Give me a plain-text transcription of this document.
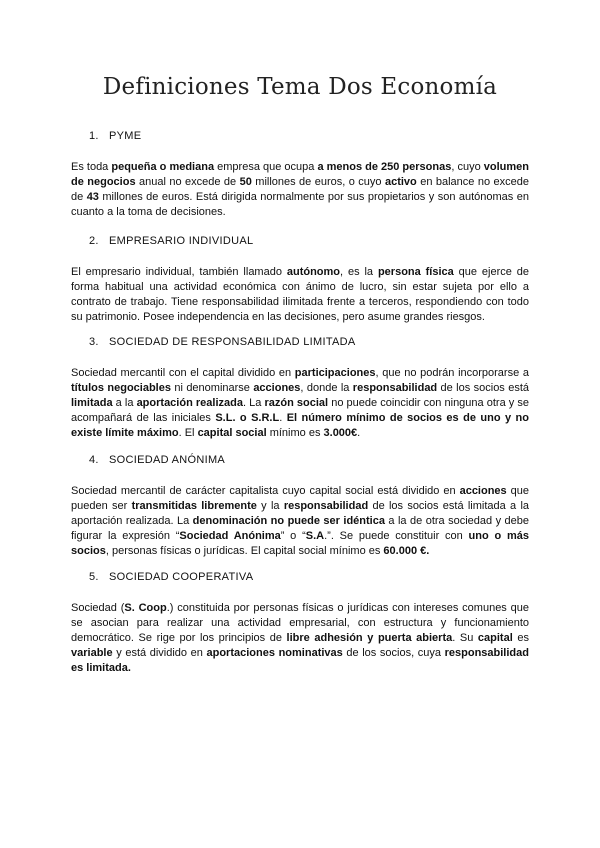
Definiciones Tema Dos Economía
1. PYME
Es toda pequeña o mediana empresa que ocupa a menos de 250 personas, cuyo volumen de negocios anual no excede de 50 millones de euros, o cuyo activo en balance no excede de 43 millones de euros. Está dirigida normalmente por sus propietarios y son autónomas en cuanto a la toma de decisiones.
2. EMPRESARIO INDIVIDUAL
El empresario individual, también llamado autónomo, es la persona física que ejerce de forma habitual una actividad económica con ánimo de lucro, sin estar sujeta por ello a contrato de trabajo. Tiene responsabilidad ilimitada frente a terceros, respondiendo con todo su patrimonio. Posee independencia en las decisiones, pero asume grandes riesgos.
3. SOCIEDAD DE RESPONSABILIDAD LIMITADA
Sociedad mercantil con el capital dividido en participaciones, que no podrán incorporarse a títulos negociables ni denominarse acciones, donde la responsabilidad de los socios está limitada a la aportación realizada. La razón social no puede coincidir con ninguna otra y se acompañará de las iniciales S.L. o S.R.L. El número mínimo de socios es de uno y no existe límite máximo. El capital social mínimo es 3.000€.
4. SOCIEDAD ANÓNIMA
Sociedad mercantil de carácter capitalista cuyo capital social está dividido en acciones que pueden ser transmitidas libremente y la responsabilidad de los socios está limitada a la aportación realizada. La denominación no puede ser idéntica a la de otra sociedad y debe figurar la expresión “Sociedad Anónima” o “S.A.”. Se puede constituir con uno o más socios, personas físicas o jurídicas. El capital social mínimo es 60.000 €.
5. SOCIEDAD COOPERATIVA
Sociedad (S. Coop.) constituida por personas físicas o jurídicas con intereses comunes que se asocian para realizar una actividad empresarial, con estructura y funcionamiento democrático. Se rige por los principios de libre adhesión y puerta abierta. Su capital es variable y está dividido en aportaciones nominativas de los socios, cuya responsabilidad es limitada.
